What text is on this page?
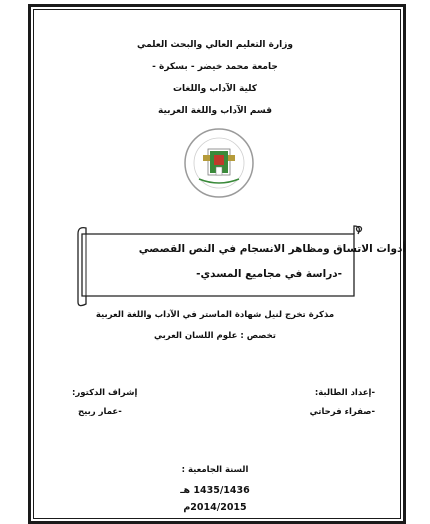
وزارة التعليم العالي والبحث العلمي
جامعة محمد خيضر - بسكرة -
كلية الآداب واللغات
قسم الآداب واللغة العربية
أدوات الاتساق ومظاهر الانسجام في النص القصصي
-دراسة في مجاميع المسدي-
مذكرة تخرج لنيل شهادة الماستر في الآداب واللغة العربية
تخصص : علوم اللسان العربي
-إعداد الطالبة:
-صفراء فرحاتي
إشراف الدكتور:
-عمار ربيح
السنة الجامعية :
1435/1436 هـ
2014/2015م
